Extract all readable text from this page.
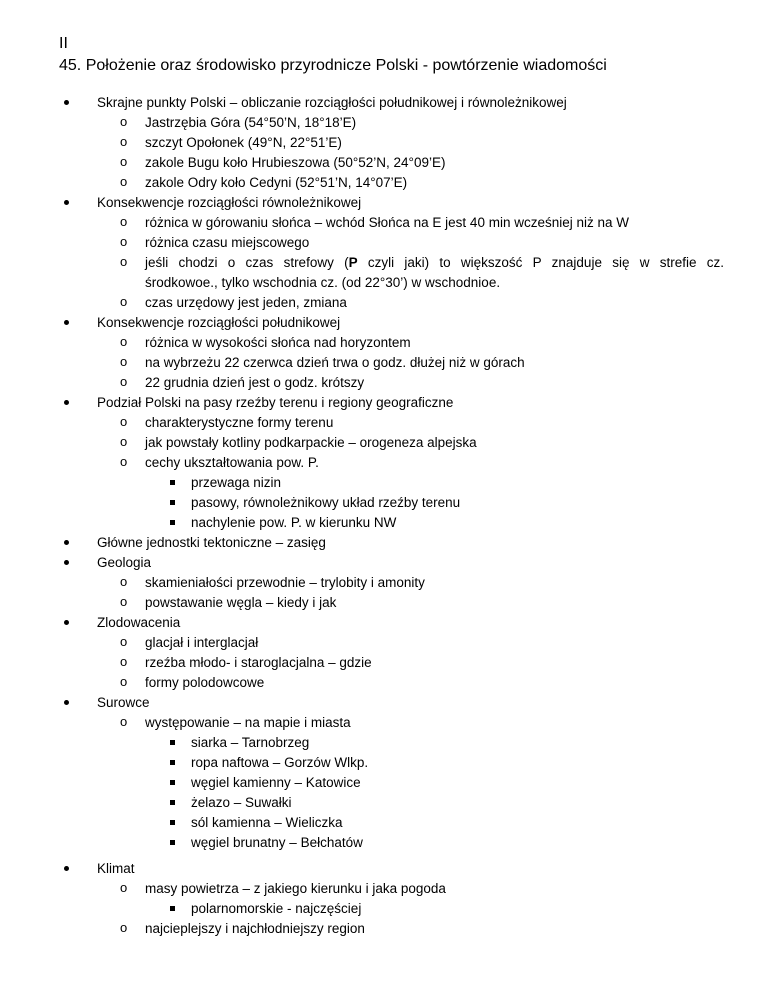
II
45. Położenie oraz środowisko przyrodnicze Polski - powtórzenie wiadomości
Skrajne punkty Polski – obliczanie rozciągłości południkowej i równoleżnikowej
o Jastrzębia Góra (54°50’N, 18°18’E)
o szczyt Opołonek (49°N, 22°51’E)
o zakole Bugu koło Hrubieszowa (50°52’N, 24°09’E)
o zakole Odry koło Cedyni (52°51’N, 14°07’E)
Konsekwencje rozciągłości równoleżnikowej
o różnica w górowaniu słońca – wchód Słońca na E jest 40 min wcześniej niż na W
o różnica czasu miejscowego
o jeśli chodzi o czas strefowy (P czyli jaki) to większość P znajduje się w strefie cz.
środkowoe., tylko wschodnia cz. (od 22°30’) w wschodnioe.
o czas urzędowy jest jeden, zmiana
Konsekwencje rozciągłości południkowej
o różnica w wysokości słońca nad horyzontem
o na wybrzeżu 22 czerwca dzień trwa o godz. dłużej niż w górach
o 22 grudnia dzień jest o godz. krótszy
Podział Polski na pasy rzeźby terenu i regiony geograficzne
o charakterystyczne formy terenu
o jak powstały kotliny podkarpackie – orogeneza alpejska
o cechy ukształtowania pow. P.
przewaga nizin
pasowy, równoleżnikowy układ rzeźby terenu
nachylenie pow. P. w kierunku NW
Główne jednostki tektoniczne – zasięg
Geologia
o skamieniałości przewodnie – trylobity i amonity
o powstawanie węgla – kiedy i jak
Zlodowacenia
o glacjał i interglacjał
o rzeźba młodo- i staroglacjalna – gdzie
o formy polodowcowe
Surowce
o występowanie – na mapie i miasta
siarka – Tarnobrzeg
ropa naftowa – Gorzów Wlkp.
węgiel kamienny – Katowice
żelazo – Suwałki
sól kamienna – Wieliczka
węgiel brunatny – Bełchatów
Klimat
o masy powietrza – z jakiego kierunku i jaka pogoda
polarnomorskie - najczęściej
o najcieplejszy i najchłodniejszy region
